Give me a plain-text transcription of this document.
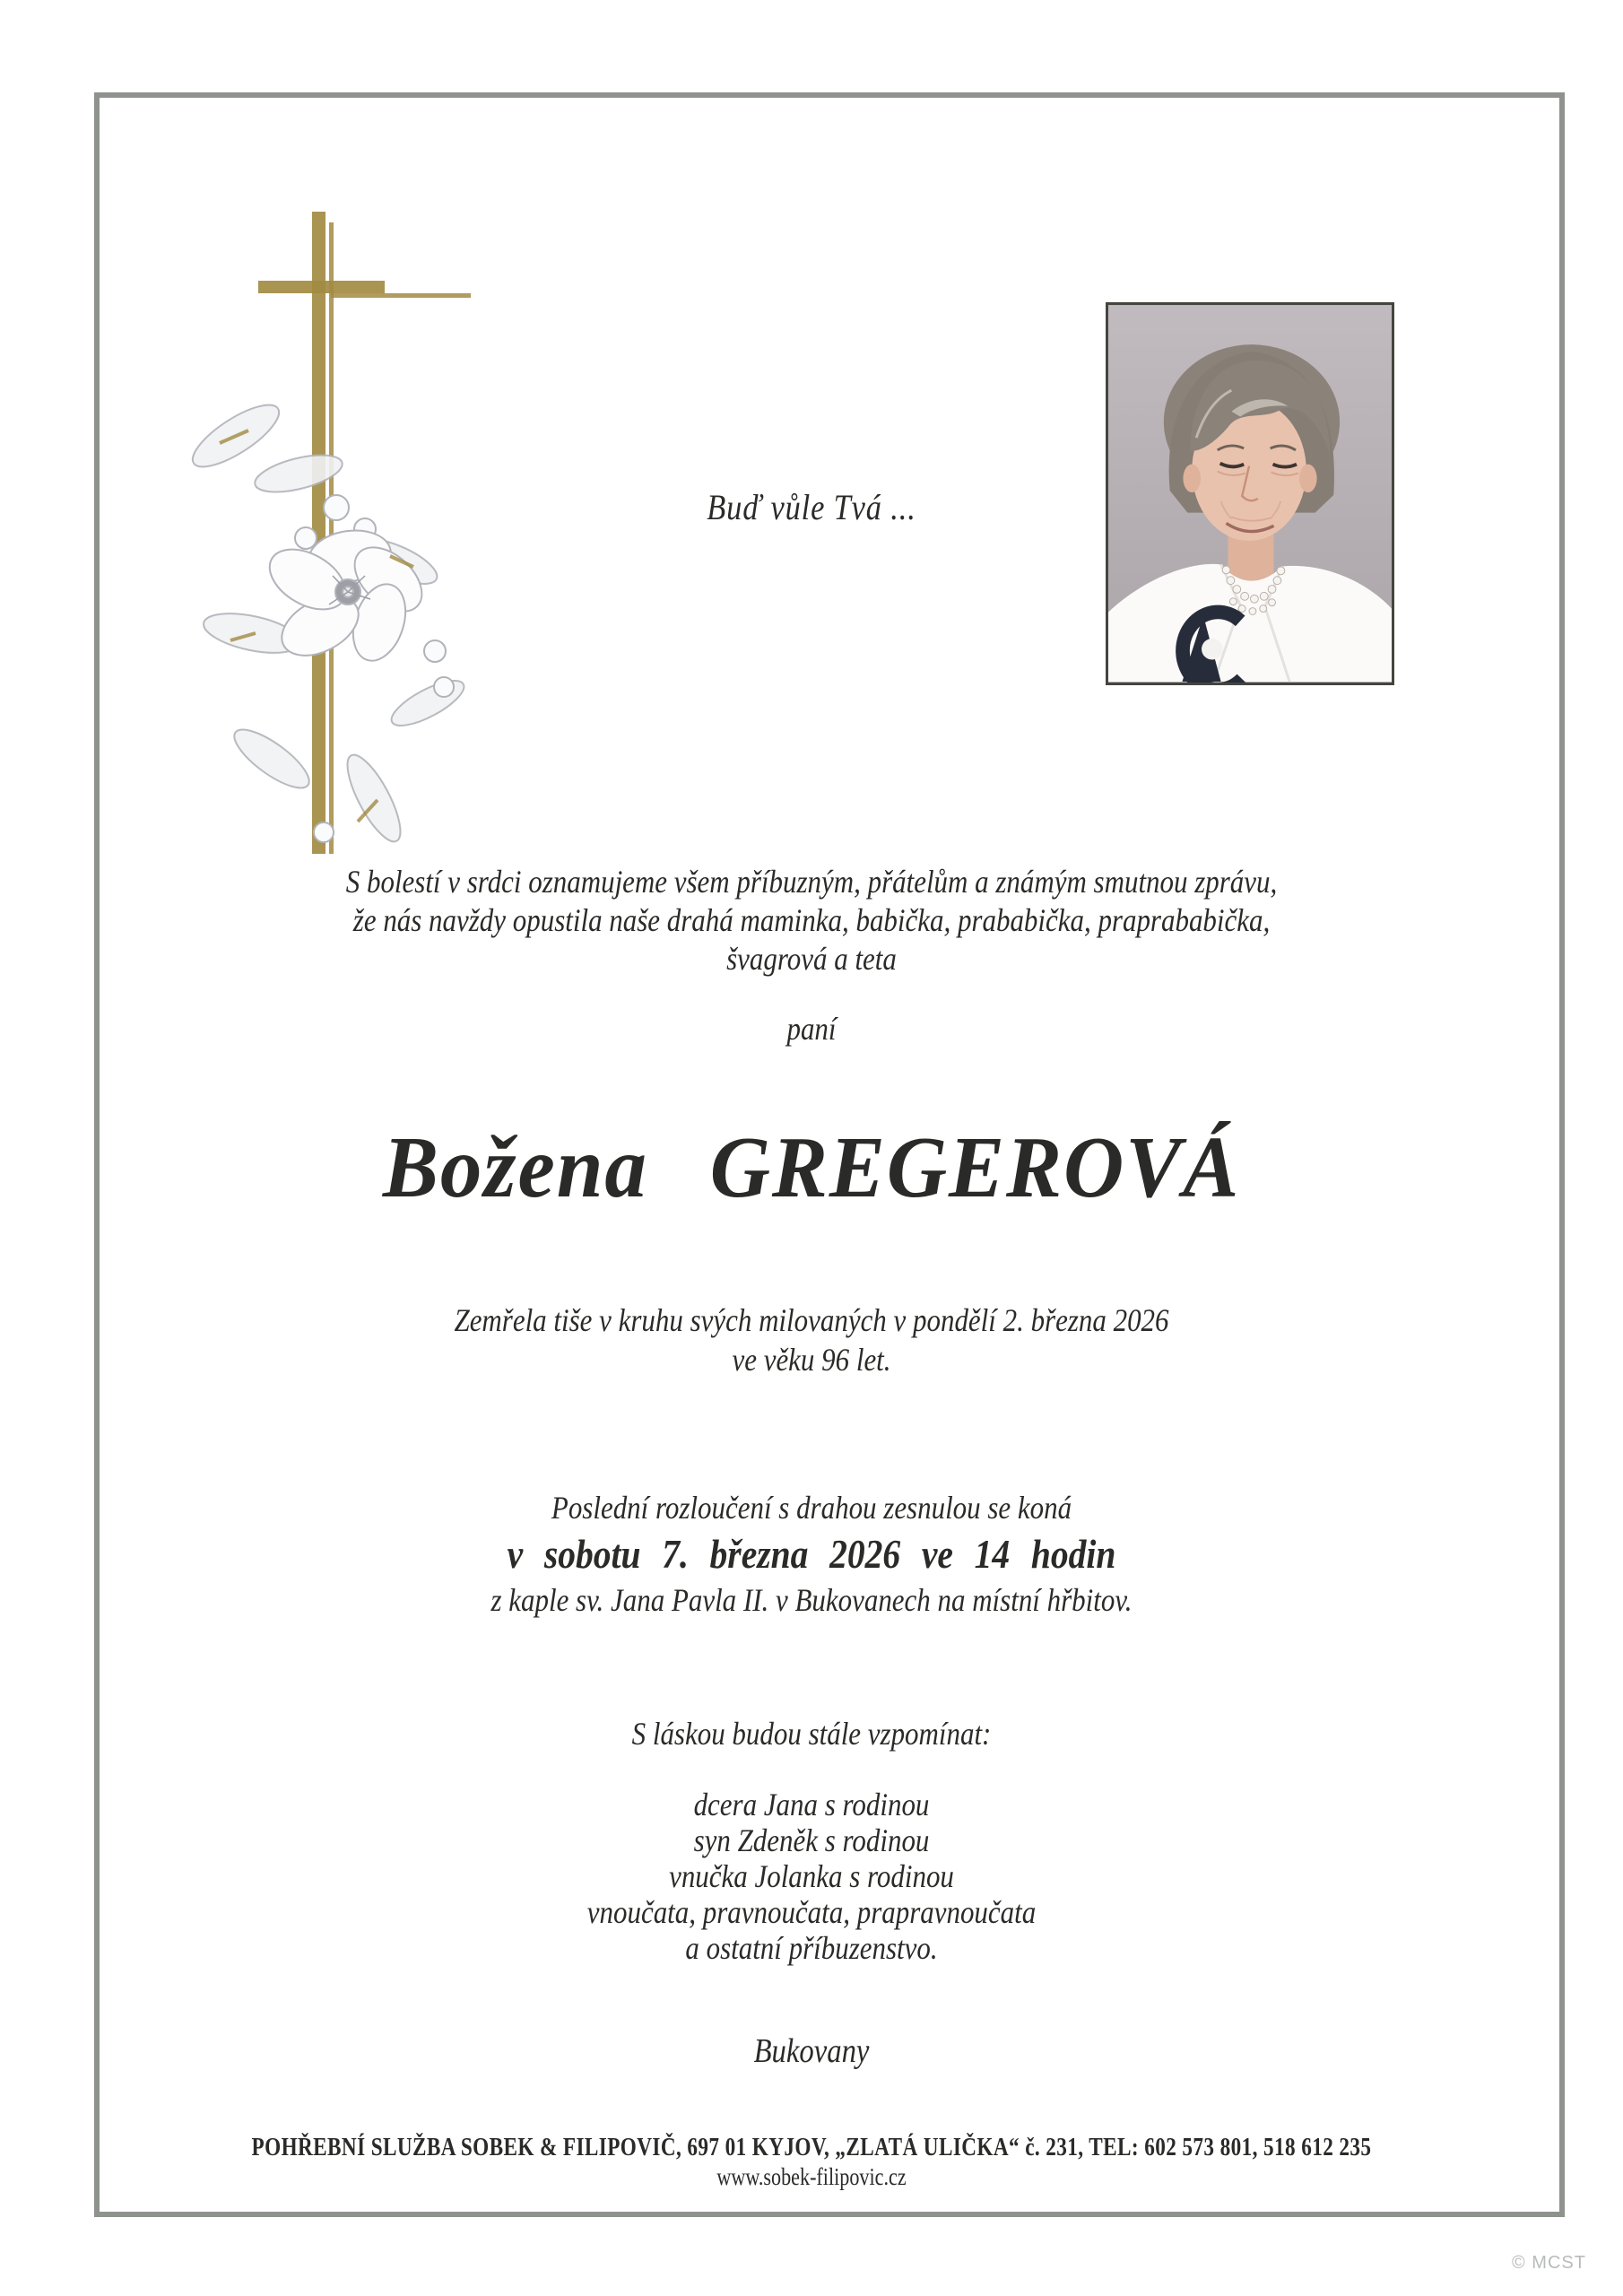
Buď vůle Tvá ...
S bolestí v srdci oznamujeme všem příbuzným, přátelům a známým smutnou zprávu,
že nás navždy opustila naše drahá maminka, babička, prababička, praprababička,
švagrová a teta
paní
Božena GREGEROVÁ
Zemřela tiše v kruhu svých milovaných v pondělí 2. března 2026
ve věku 96 let.
Poslední rozloučení s drahou zesnulou se koná
v sobotu 7. března 2026 ve 14 hodin
z kaple sv. Jana Pavla II. v Bukovanech na místní hřbitov.
S láskou budou stále vzpomínat:
dcera Jana s rodinou
syn Zdeněk s rodinou
vnučka Jolanka s rodinou
vnoučata, pravnoučata, prapravnoučata
a ostatní příbuzenstvo.
Bukovany
POHŘEBNÍ SLUŽBA SOBEK & FILIPOVIČ, 697 01 KYJOV, „ZLATÁ ULIČKA“ č. 231, TEL: 602 573 801, 518 612 235
www.sobek-filipovic.cz
© MCST
